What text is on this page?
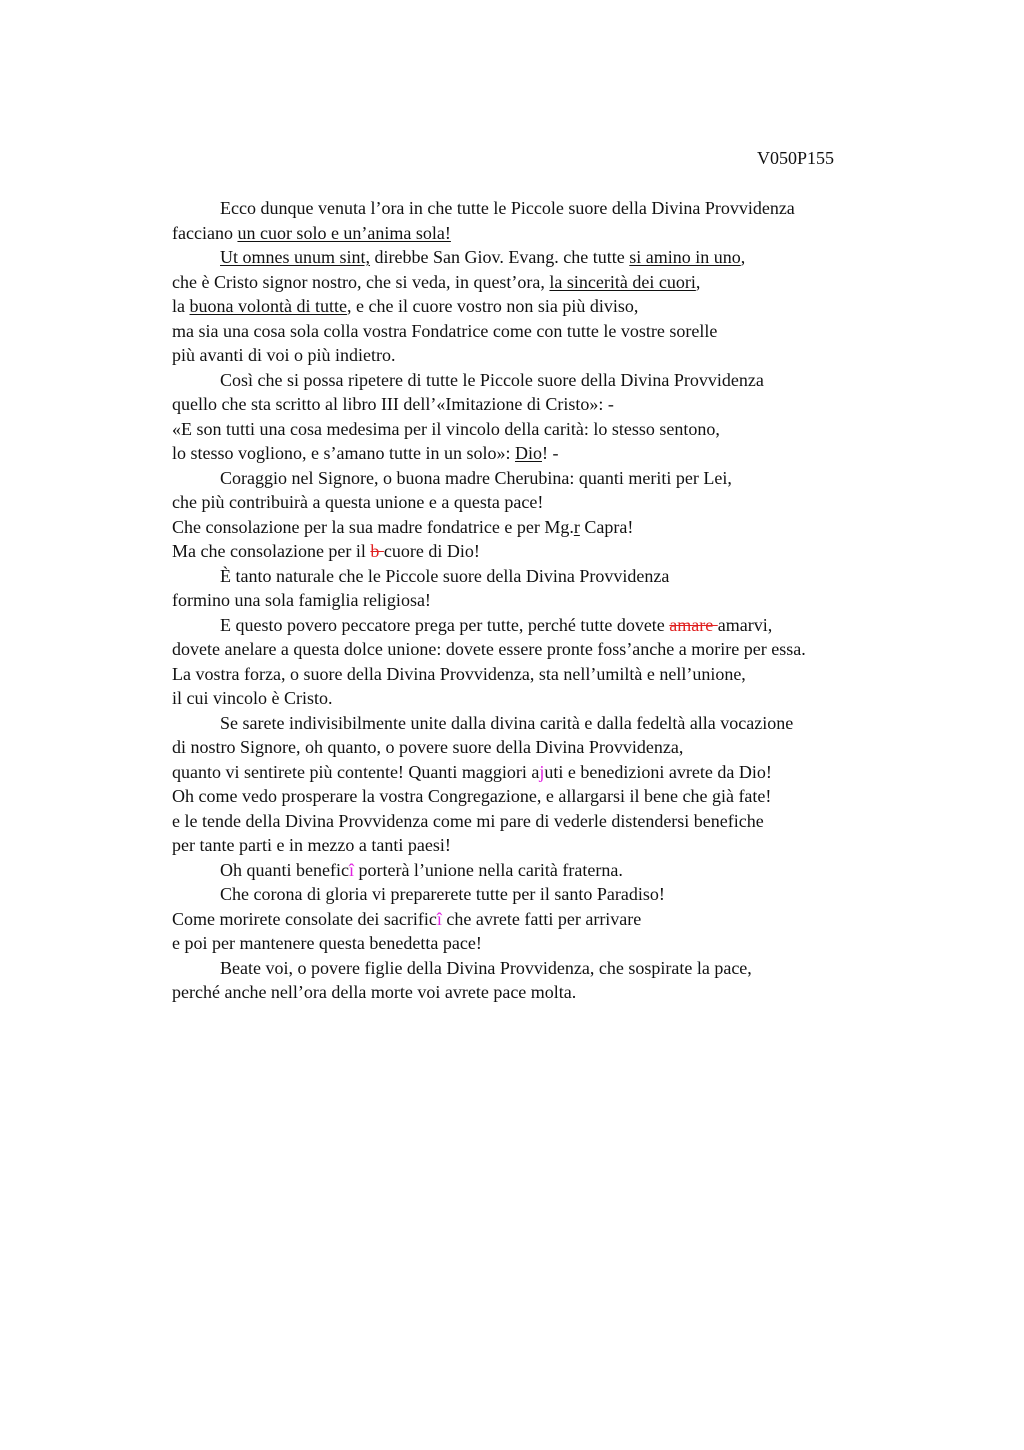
V050P155
Ecco dunque venuta l’ora in che tutte le Piccole suore della Divina Provvidenza
facciano un cuor solo e un’anima sola!
Ut omnes unum sint, direbbe San Giov. Evang. che tutte si amino in uno,
che è Cristo signor nostro, che si veda, in quest’ora, la sincerità dei cuori,
la buona volontà di tutte, e che il cuore vostro non sia più diviso,
ma sia una cosa sola colla vostra Fondatrice come con tutte le vostre sorelle
più avanti di voi o più indietro.
Così che si possa ripetere di tutte le Piccole suore della Divina Provvidenza
quello che sta scritto al libro III dell’«Imitazione di Cristo»: -
«E son tutti una cosa medesima per il vincolo della carità: lo stesso sentono,
lo stesso vogliono, e s’amano tutte in un solo»: Dio! -
Coraggio nel Signore, o buona madre Cherubina: quanti meriti per Lei,
che più contribuirà a questa unione e a questa pace!
Che consolazione per la sua madre fondatrice e per Mg.r Capra!
Ma che consolazione per il b cuore di Dio!
È tanto naturale che le Piccole suore della Divina Provvidenza
formino una sola famiglia religiosa!
E questo povero peccatore prega per tutte, perché tutte dovete amare amarvi,
dovete anelare a questa dolce unione: dovete essere pronte foss’anche a morire per essa.
La vostra forza, o suore della Divina Provvidenza, sta nell’umiltà e nell’unione,
il cui vincolo è Cristo.
Se sarete indivisibilmente unite dalla divina carità e dalla fedeltà alla vocazione
di nostro Signore, oh quanto, o povere suore della Divina Provvidenza,
quanto vi sentirete più contente! Quanti maggiori ajuti e benedizioni avrete da Dio!
Oh come vedo prosperare la vostra Congregazione, e allargarsi il bene che già fate!
e le tende della Divina Provvidenza come mi pare di vederle distendersi benefiche
per tante parti e in mezzo a tanti paesi!
Oh quanti beneficî porterà l’unione nella carità fraterna.
Che corona di gloria vi preparerete tutte per il santo Paradiso!
Come morirete consolate dei sacrificî che avrete fatti per arrivare
e poi per mantenere questa benedetta pace!
Beate voi, o povere figlie della Divina Provvidenza, che sospirate la pace,
perché anche nell’ora della morte voi avrete pace molta.
